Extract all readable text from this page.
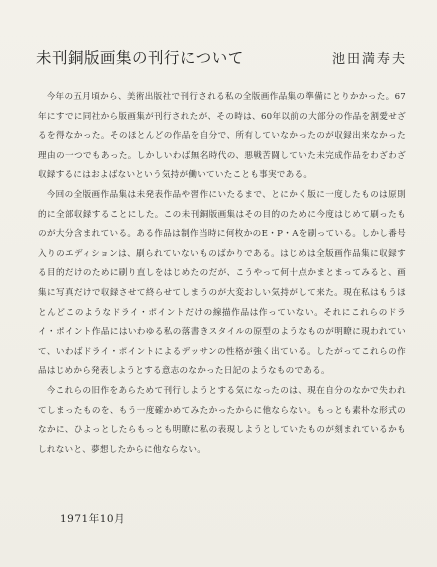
未刊銅版画集の刊行について	池田満寿夫

今年の五月頃から、美術出版社で刊行される私の全版画作品集の準備にとりかかった。67年にすでに同社から版画集が刊行されたが、その時は、60年以前の大部分の作品を割愛せざるを得なかった。そのほとんどの作品を自分で、所有していなかったのが収録出来なかった理由の一つでもあった。しかしいわば無名時代の、悪戦苦闘していた未完成作品をわざわざ収録するにはおよばないという気持が働いていたことも事実である。

今回の全版画作品集は未発表作品や習作にいたるまで、とにかく版に一度したものは原則的に全部収録することにした。この未刊銅版画集はその目的のために今度はじめて刷ったものが大分含まれている。ある作品は制作当時に何枚かのE・P・Aを刷っている。しかし番号入りのエディションは、刷られていないものばかりである。はじめは全版画作品集に収録する目的だけのために刷り直しをはじめたのだが、こうやって何十点かまとまってみると、画集に写真だけで収録させて終らせてしまうのが大変おしい気持がして来た。現在私はもうほとんどこのようなドライ・ポイントだけの線描作品は作っていない。それにこれらのドライ・ポイント作品にはいわゆる私の落書きスタイルの原型のようなものが明瞭に現われていて、いわばドライ・ポイントによるデッサンの性格が強く出ている。したがってこれらの作品はじめから発表しようとする意志のなかった日記のようなものである。

今これらの旧作をあらためて刊行しようとする気になったのは、現在自分のなかで失われてしまったものを、もう一度確かめてみたかったからに他ならない。もっとも素朴な形式のなかに、ひよっとしたらもっとも明瞭に私の表現しようとしていたものが刻まれているかもしれないと、夢想したからに他ならない。

1971年10月
